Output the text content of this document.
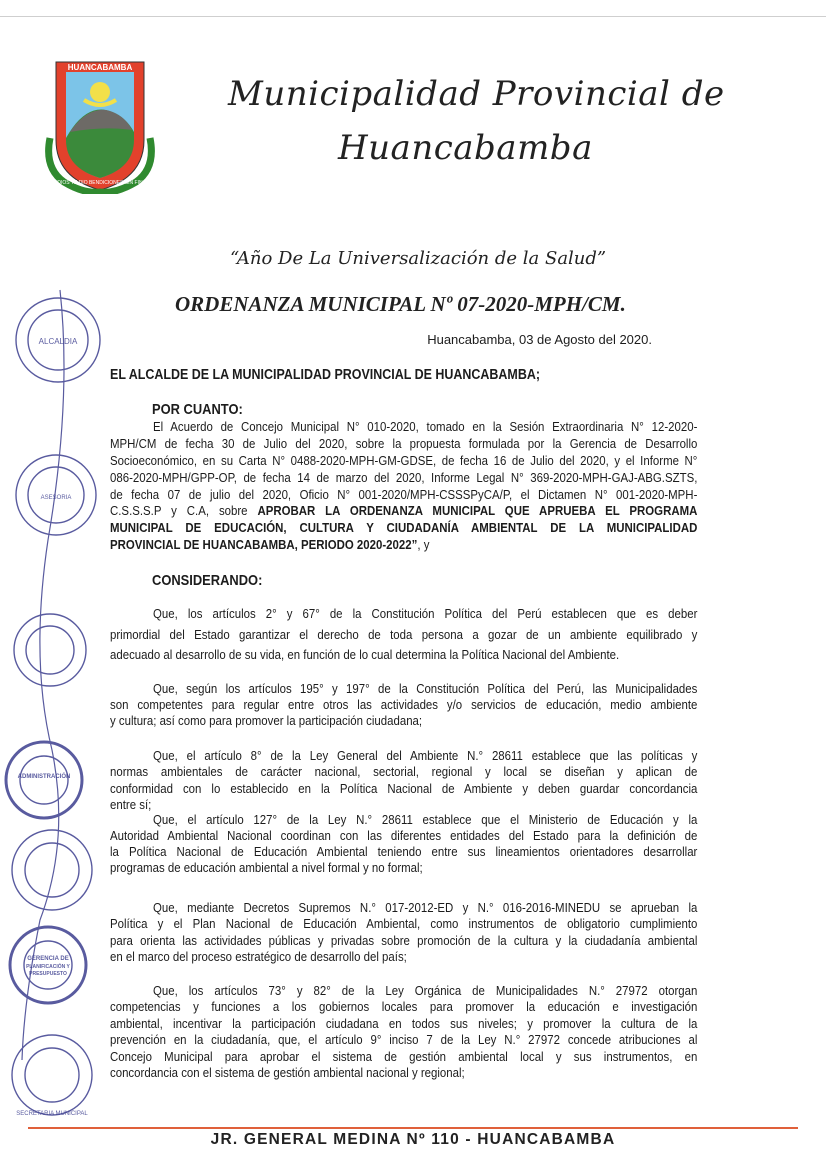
HUANCABAMBA
DIOS TE DIO BENDICIONES SIN FIN
Municipalidad Provincial de
Huancabamba
“Año De La Universalización de la Salud”
ORDENANZA MUNICIPAL Nº 07-2020-MPH/CM.
Huancabamba, 03 de Agosto del 2020.
EL ALCALDE DE LA MUNICIPALIDAD PROVINCIAL DE HUANCABAMBA;
POR CUANTO:
El Acuerdo de Concejo Municipal N° 010-2020, tomado en la Sesión Extraordinaria N° 12-2020-
MPH/CM de fecha 30 de Julio del 2020, sobre la propuesta formulada por la Gerencia de Desarrollo
Socioeconómico, en su Carta N° 0488-2020-MPH-GM-GDSE, de fecha 16 de Julio del 2020, y el Informe N°
086-2020-MPH/GPP-OP, de fecha 14 de marzo del 2020, Informe Legal N° 369-2020-MPH-GAJ-ABG.SZTS,
de fecha 07 de julio del 2020, Oficio N° 001-2020/MPH-CSSSPyCA/P, el Dictamen N° 001-2020-MPH-
C.S.S.S.P y C.A, sobre APROBAR LA ORDENANZA MUNICIPAL QUE APRUEBA EL PROGRAMA
MUNICIPAL DE EDUCACIÓN, CULTURA Y CIUDADANÍA AMBIENTAL DE LA MUNICIPALIDAD
PROVINCIAL DE HUANCABAMBA, PERIODO 2020-2022”, y
CONSIDERANDO:
Que, los artículos 2° y 67° de la Constitución Política del Perú establecen que es deber
primordial del Estado garantizar el derecho de toda persona a gozar de un ambiente equilibrado y
adecuado al desarrollo de su vida, en función de lo cual determina la Política Nacional del Ambiente.
Que, según los artículos 195° y 197° de la Constitución Política del Perú, las Municipalidades
son competentes para regular entre otros las actividades y/o servicios de educación, medio ambiente
y cultura; así como para promover la participación ciudadana;
Que, el artículo 8° de la Ley General del Ambiente N.° 28611 establece que las políticas y
normas ambientales de carácter nacional, sectorial, regional y local se diseñan y aplican de
conformidad con lo establecido en la Política Nacional de Ambiente y deben guardar concordancia
entre sí;
Que, el artículo 127° de la Ley N.° 28611 establece que el Ministerio de Educación y la
Autoridad Ambiental Nacional coordinan con las diferentes entidades del Estado para la definición de
la Política Nacional de Educación Ambiental teniendo entre sus lineamientos orientadores desarrollar
programas de educación ambiental a nivel formal y no formal;
Que, mediante Decretos Supremos N.° 017-2012-ED y N.° 016-2016-MINEDU se aprueban la
Política y el Plan Nacional de Educación Ambiental, como instrumentos de obligatorio cumplimiento
para orienta las actividades públicas y privadas sobre promoción de la cultura y la ciudadanía ambiental
en el marco del proceso estratégico de desarrollo del país;
Que, los artículos 73° y 82° de la Ley Orgánica de Municipalidades N.° 27972 otorgan
competencias y funciones a los gobiernos locales para promover la educación e investigación
ambiental, incentivar la participación ciudadana en todos sus niveles; y promover la cultura de la
prevención en la ciudadanía, que, el artículo 9° inciso 7 de la Ley N.° 27972 concede atribuciones al
Concejo Municipal para aprobar el sistema de gestión ambiental local y sus instrumentos, en
concordancia con el sistema de gestión ambiental nacional y regional;
ALCALDIA
ASESORIA
ADMINISTRACIÓN
GERENCIA DE
PLANIFICACIÓN Y
PRESUPUESTO
SECRETARIA MUNICIPAL
JR. GENERAL MEDINA Nº 110 - HUANCABAMBA
